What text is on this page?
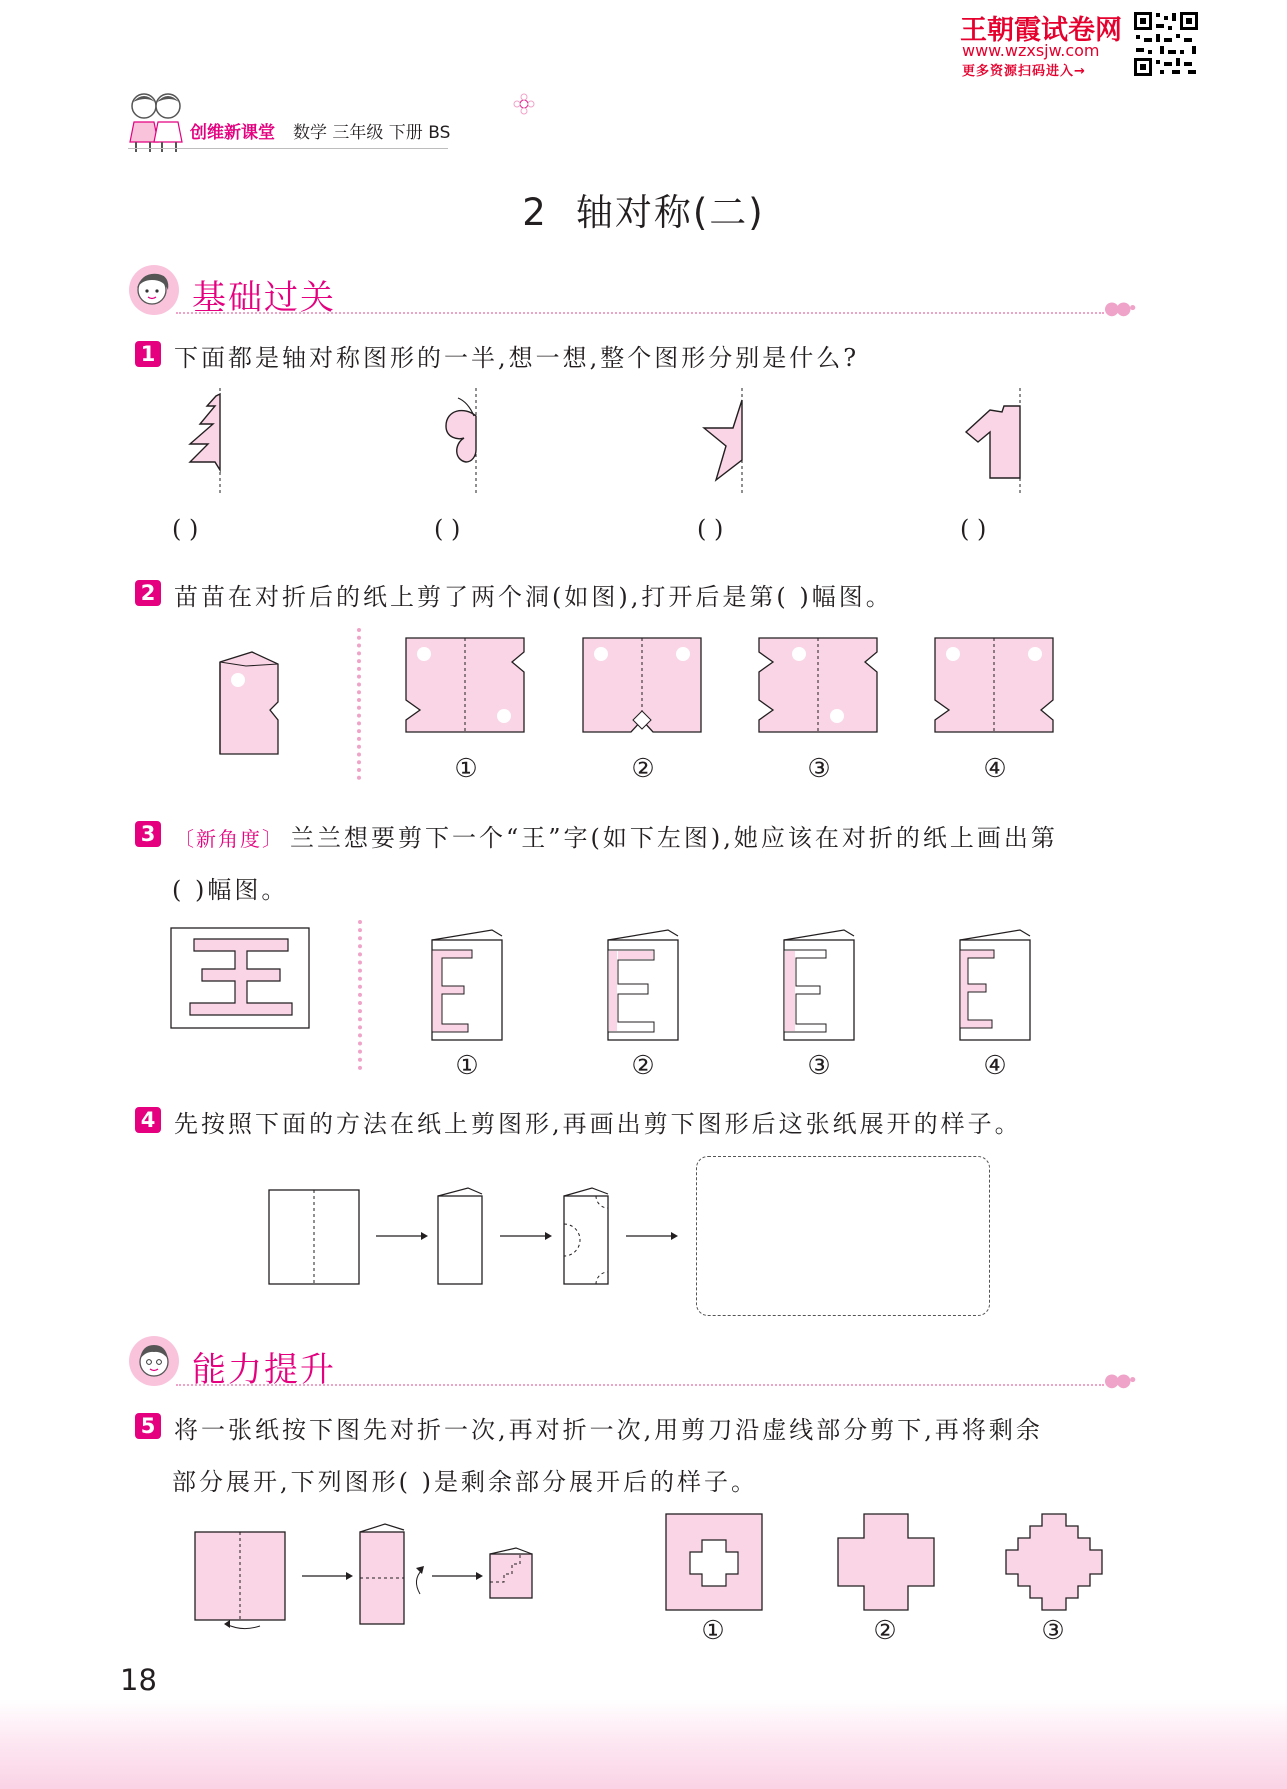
王朝霞试卷网
www.wzxsjw.com
更多资源扫码进入→
创维新课堂 数学 三年级 下册 BS
2 轴对称(二)
基础过关	●●•
1 下面都是轴对称图形的一半,想一想,整个图形分别是什么?
( )	( )	( )	( )
2 苗苗在对折后的纸上剪了两个洞(如图),打开后是第( )幅图。
①	②	③	④
3 〔新角度〕 兰兰想要剪下一个“王”字(如下左图),她应该在对折的纸上画出第
( )幅图。
①	②	③	④
4 先按照下面的方法在纸上剪图形,再画出剪下图形后这张纸展开的样子。
能力提升	●●•
5 将一张纸按下图先对折一次,再对折一次,用剪刀沿虚线部分剪下,再将剩余
部分展开,下列图形( )是剩余部分展开后的样子。
①	②	③
18
